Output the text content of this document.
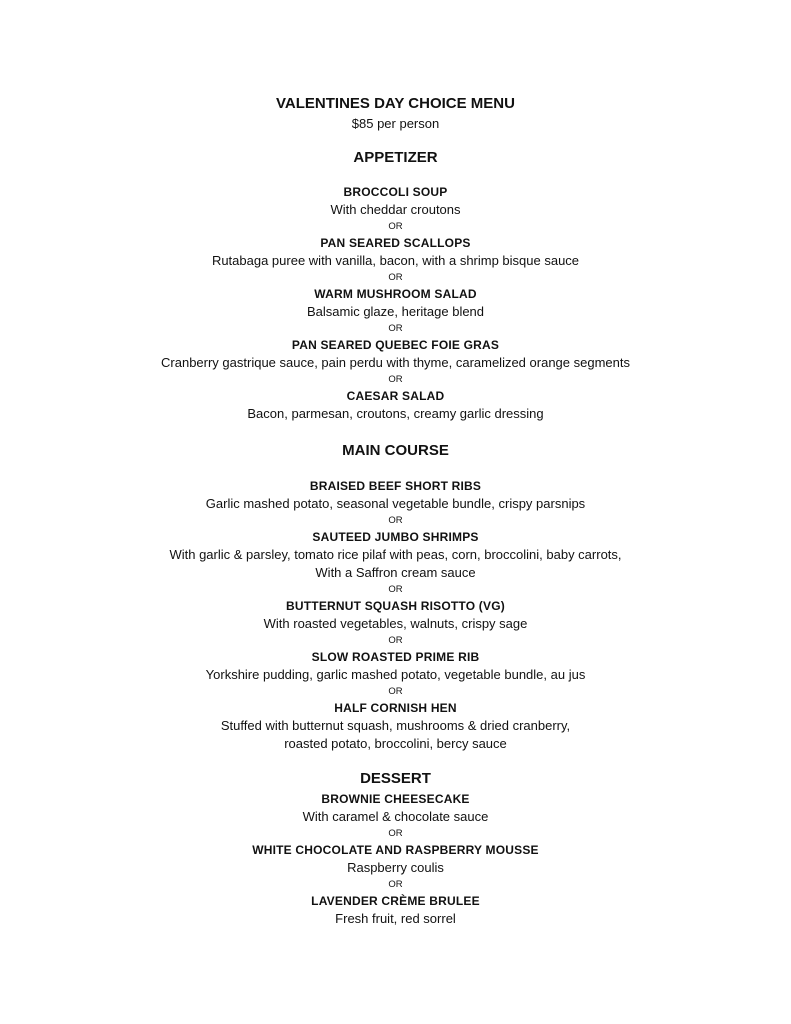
VALENTINES DAY CHOICE MENU
$85 per person
APPETIZER
BROCCOLI SOUP
With cheddar croutons
OR
PAN SEARED SCALLOPS
Rutabaga puree with vanilla, bacon, with a shrimp bisque sauce
OR
WARM MUSHROOM SALAD
Balsamic glaze, heritage blend
OR
PAN SEARED QUEBEC FOIE GRAS
Cranberry gastrique sauce, pain perdu with thyme, caramelized orange segments
OR
CAESAR SALAD
Bacon, parmesan, croutons, creamy garlic dressing
MAIN COURSE
BRAISED BEEF SHORT RIBS
Garlic mashed potato, seasonal vegetable bundle, crispy parsnips
OR
SAUTEED JUMBO SHRIMPS
With garlic & parsley, tomato rice pilaf with peas, corn, broccolini, baby carrots,
With a Saffron cream sauce
OR
BUTTERNUT SQUASH RISOTTO (VG)
With roasted vegetables, walnuts, crispy sage
OR
SLOW ROASTED PRIME RIB
Yorkshire pudding, garlic mashed potato, vegetable bundle, au jus
OR
HALF CORNISH HEN
Stuffed with butternut squash, mushrooms & dried cranberry,
roasted potato, broccolini, bercy sauce
DESSERT
BROWNIE CHEESECAKE
With caramel & chocolate sauce
OR
WHITE CHOCOLATE AND RASPBERRY MOUSSE
Raspberry coulis
OR
LAVENDER CRÈME BRULEE
Fresh fruit, red sorrel
